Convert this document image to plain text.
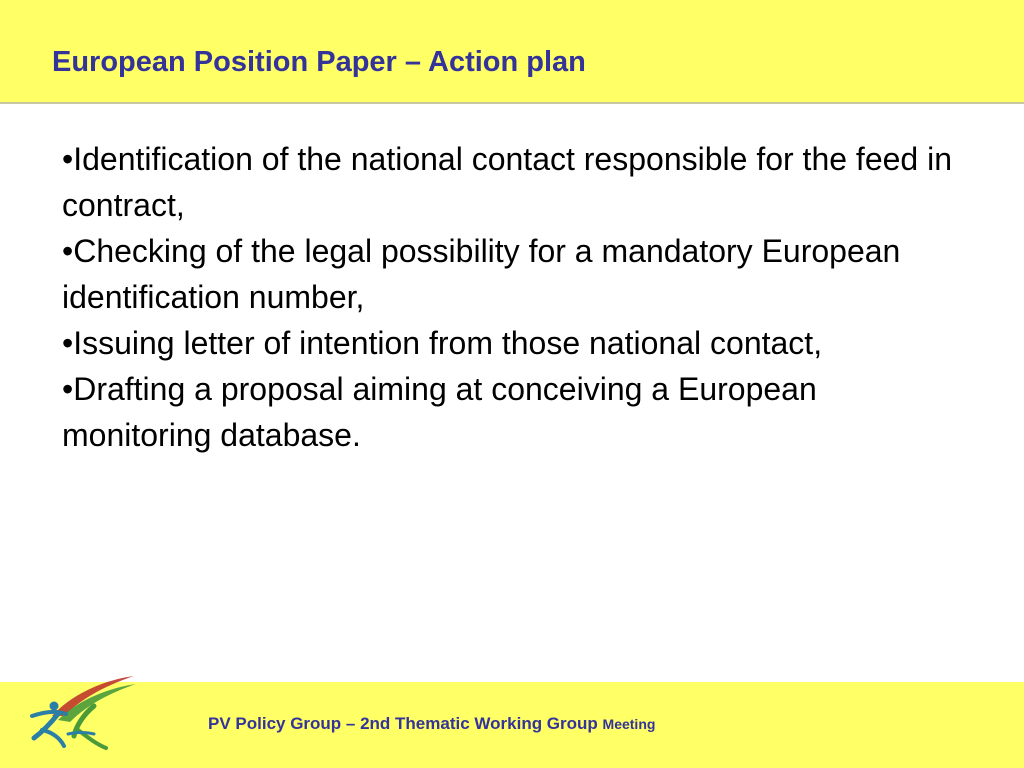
European Position Paper – Action plan

•Identification of the national contact responsible for the feed in contract,

•Checking of the legal possibility for a mandatory European identification number,

•Issuing letter of intention from those national contact,

•Drafting a proposal aiming at conceiving a European monitoring database.

PV Policy Group – 2nd Thematic Working Group Meeting
